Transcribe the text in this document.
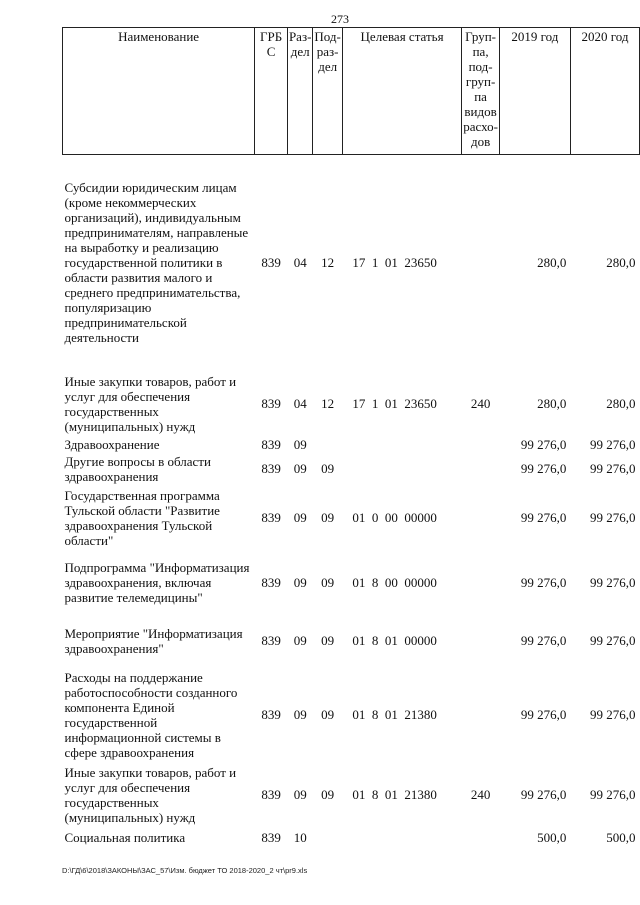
273
Наименование	ГРБ С	Раз- дел	Под- раз- дел	Целевая статья	Груп- па, под- груп- па видов расхо- дов	2019 год	2020 год
Субсидии юридическим лицам (кроме некоммерческих организаций), индивидуальным предпринимателям, направленые на выработку и реализацию государственной политики в области развития малого и среднего предпринимательства, популяризацию предпринимательской деятельности	839	04	12	17  1  01  23650		280,0	280,0
Иные закупки товаров, работ и услуг для обеспечения государственных (муниципальных) нужд	839	04	12	17  1  01  23650	240	280,0	280,0
Здравоохранение	839	09				99 276,0	99 276,0
Другие вопросы в области здравоохранения	839	09	09			99 276,0	99 276,0
Государственная программа Тульской области "Развитие здравоохранения Тульской области"	839	09	09	01  0  00  00000		99 276,0	99 276,0
Подпрограмма "Информатизация здравоохранения, включая развитие телемедицины"	839	09	09	01  8  00  00000		99 276,0	99 276,0
Мероприятие "Информатизация здравоохранения"	839	09	09	01  8  01  00000		99 276,0	99 276,0
Расходы на поддержание работоспособности созданного компонента Единой государственной информационной системы в сфере здравоохранения	839	09	09	01  8  01  21380		99 276,0	99 276,0
Иные закупки товаров, работ и услуг для обеспечения государственных (муниципальных) нужд	839	09	09	01  8  01  21380	240	99 276,0	99 276,0
Социальная политика	839	10				500,0	500,0
D:\ГД\6\2018\ЗАКОНЫ\ЗАС_57\Изм. бюджет ТО 2018-2020_2 чт\pr9.xls
